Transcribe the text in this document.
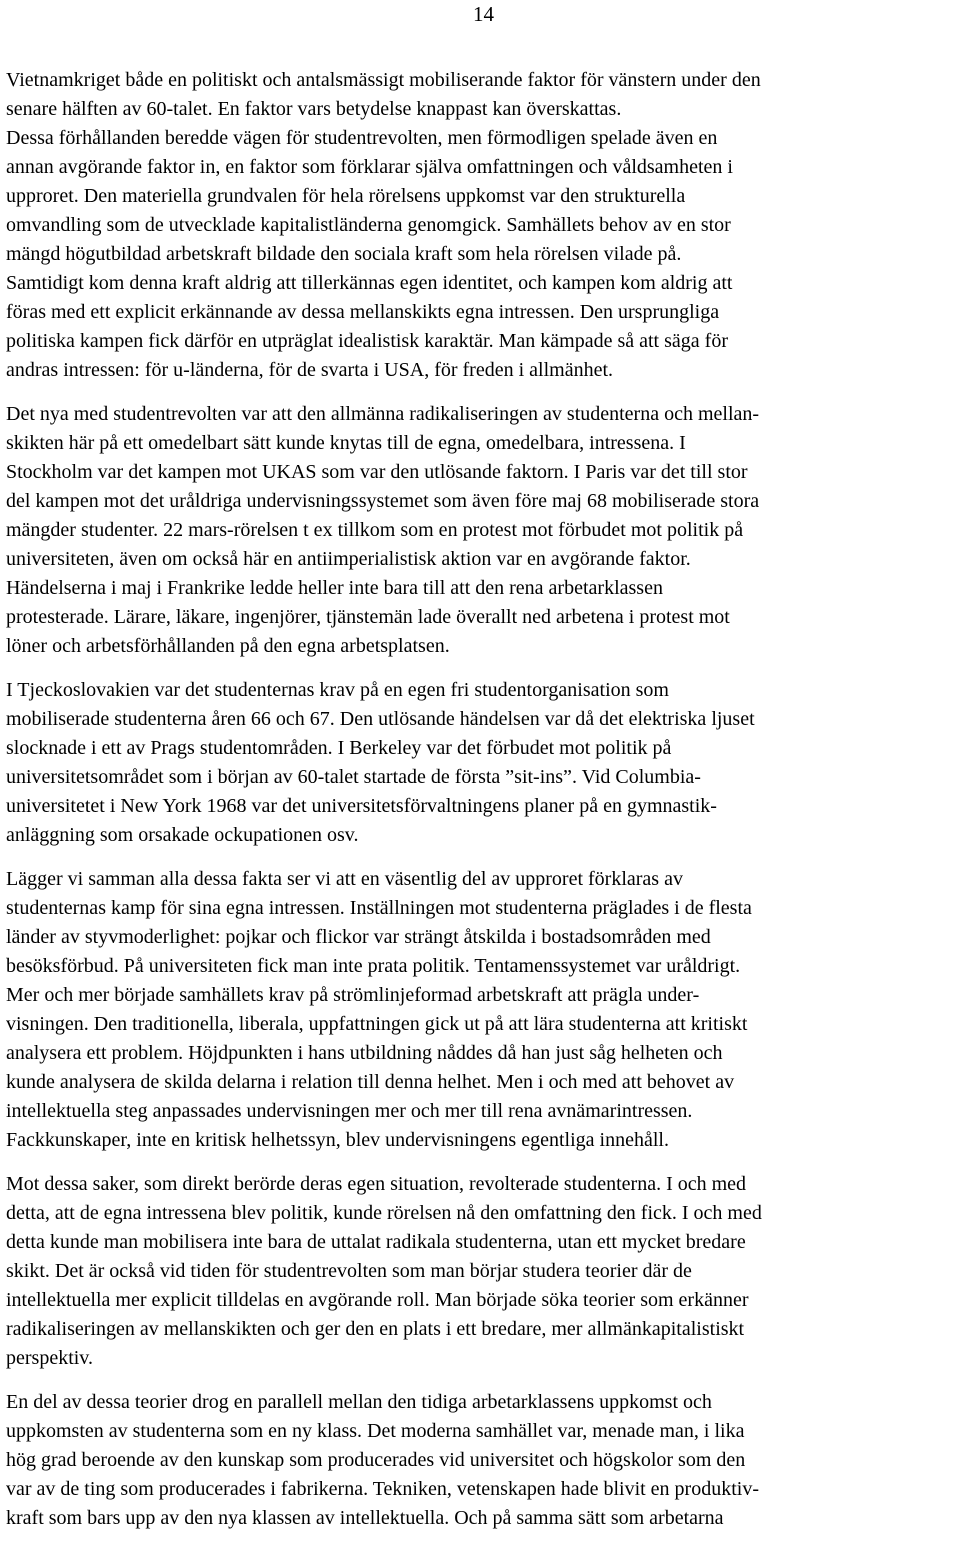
14
Vietnamkriget både en politiskt och antalsmässigt mobiliserande faktor för vänstern under den
senare hälften av 60-talet. En faktor vars betydelse knappast kan överskattas.
Dessa förhållanden beredde vägen för studentrevolten, men förmodligen spelade även en
annan avgörande faktor in, en faktor som förklarar själva omfattningen och våldsamheten i
upproret. Den materiella grundvalen för hela rörelsens uppkomst var den strukturella
omvandling som de utvecklade kapitalistländerna genomgick. Samhällets behov av en stor
mängd högutbildad arbetskraft bildade den sociala kraft som hela rörelsen vilade på.
Samtidigt kom denna kraft aldrig att tillerkännas egen identitet, och kampen kom aldrig att
föras med ett explicit erkännande av dessa mellanskikts egna intressen. Den ursprungliga
politiska kampen fick därför en utpräglat idealistisk karaktär. Man kämpade så att säga för
andras intressen: för u-länderna, för de svarta i USA, för freden i allmänhet.
Det nya med studentrevolten var att den allmänna radikaliseringen av studenterna och mellan-
skikten här på ett omedelbart sätt kunde knytas till de egna, omedelbara, intressena. I
Stockholm var det kampen mot UKAS som var den utlösande faktorn. I Paris var det till stor
del kampen mot det uråldriga undervisningssystemet som även före maj 68 mobiliserade stora
mängder studenter. 22 mars-rörelsen t ex tillkom som en protest mot förbudet mot politik på
universiteten, även om också här en antiimperialistisk aktion var en avgörande faktor.
Händelserna i maj i Frankrike ledde heller inte bara till att den rena arbetarklassen
protesterade. Lärare, läkare, ingenjörer, tjänstemän lade överallt ned arbetena i protest mot
löner och arbetsförhållanden på den egna arbetsplatsen.
I Tjeckoslovakien var det studenternas krav på en egen fri studentorganisation som
mobiliserade studenterna åren 66 och 67. Den utlösande händelsen var då det elektriska ljuset
slocknade i ett av Prags studentområden. I Berkeley var det förbudet mot politik på
universitetsområdet som i början av 60-talet startade de första ”sit-ins”. Vid Columbia-
universitetet i New York 1968 var det universitetsförvaltningens planer på en gymnastik-
anläggning som orsakade ockupationen osv.
Lägger vi samman alla dessa fakta ser vi att en väsentlig del av upproret förklaras av
studenternas kamp för sina egna intressen. Inställningen mot studenterna präglades i de flesta
länder av styvmoderlighet: pojkar och flickor var strängt åtskilda i bostadsområden med
besöksförbud. På universiteten fick man inte prata politik. Tentamenssystemet var uråldrigt.
Mer och mer började samhällets krav på strömlinjeformad arbetskraft att prägla under-
visningen. Den traditionella, liberala, uppfattningen gick ut på att lära studenterna att kritiskt
analysera ett problem. Höjdpunkten i hans utbildning nåddes då han just såg helheten och
kunde analysera de skilda delarna i relation till denna helhet. Men i och med att behovet av
intellektuella steg anpassades undervisningen mer och mer till rena avnämarintressen.
Fackkunskaper, inte en kritisk helhetssyn, blev undervisningens egentliga innehåll.
Mot dessa saker, som direkt berörde deras egen situation, revolterade studenterna. I och med
detta, att de egna intressena blev politik, kunde rörelsen nå den omfattning den fick. I och med
detta kunde man mobilisera inte bara de uttalat radikala studenterna, utan ett mycket bredare
skikt. Det är också vid tiden för studentrevolten som man börjar studera teorier där de
intellektuella mer explicit tilldelas en avgörande roll. Man började söka teorier som erkänner
radikaliseringen av mellanskikten och ger den en plats i ett bredare, mer allmänkapitalistiskt
perspektiv.
En del av dessa teorier drog en parallell mellan den tidiga arbetarklassens uppkomst och
uppkomsten av studenterna som en ny klass. Det moderna samhället var, menade man, i lika
hög grad beroende av den kunskap som producerades vid universitet och högskolor som den
var av de ting som producerades i fabrikerna. Tekniken, vetenskapen hade blivit en produktiv-
kraft som bars upp av den nya klassen av intellektuella. Och på samma sätt som arbetarna
